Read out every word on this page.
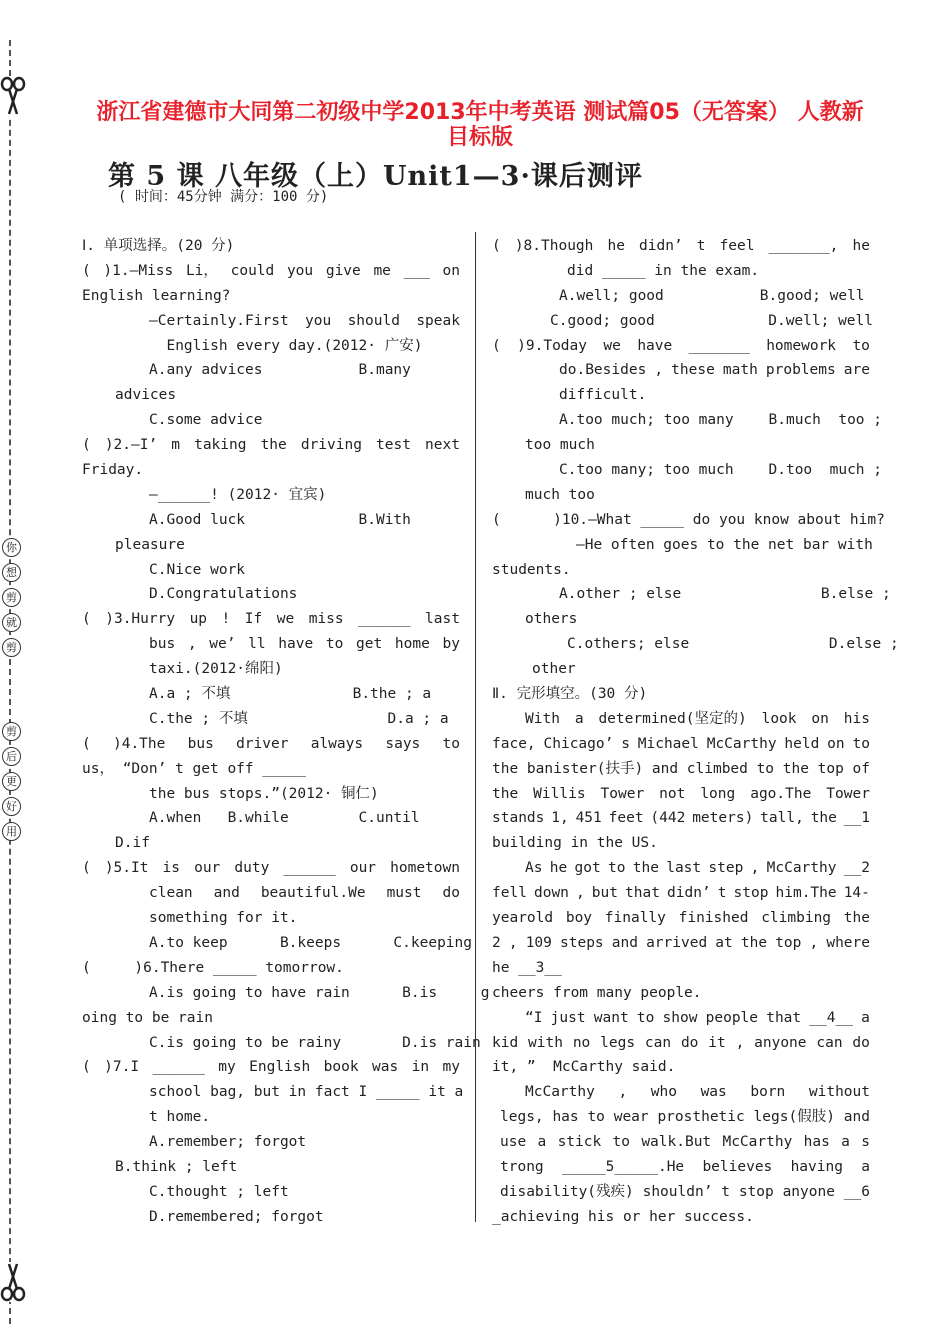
你
想
剪
就
剪
剪
后
更
好
用
浙江省建德市大同第二初级中学2013年中考英语 测试篇05（无答案） 人教新
目标版
第 5 课 八年级（上）Unit1—3·课后测评
( 时间：45分钟 满分：100 分)
Ⅰ. 单项选择。(20 分)
( )1.—Miss Li， could you give me ___ on
English learning?
—Certainly.First you should speak
English every day.(2012· 广安)
A.any advices           B.many
advices
C.some advice
( )2.—I’ m taking the driving test next
Friday.
—______! (2012· 宜宾)
A.Good luck             B.With
pleasure
C.Nice work
D.Congratulations
( )3.Hurry up ! If we miss ______ last
bus , we’ ll have to get home by
taxi.(2012·绵阳)
A.a ; 不填              B.the ; a
C.the ; 不填                D.a ; a
( )4.The bus driver always says to
us， “Don’ t get off _____
the bus stops.”(2012· 铜仁)
A.when   B.while        C.until
D.if
( )5.It is our duty ______ our hometown
clean and beautiful.We must do
something for it.
A.to keep      B.keeps      C.keeping
(     )6.There _____ tomorrow.
A.is going to have rain      B.is     g
oing to be rain
C.is going to be rainy       D.is rain
( )7.I ______ my English book was in my
school bag, but in fact I _____ it a
t home.
A.remember; forgot
B.think ; left
C.thought ; left
D.remembered; forgot
( )8.Though he didn’ t feel _______, he
did _____ in the exam.
A.well; good           B.good; well
C.good; good             D.well; well
( )9.Today we have _______ homework to
do.Besides , these math problems are
difficult.
A.too much; too many    B.much  too ;
too much
C.too many; too much    D.too  much ;
much too
(      )10.—What _____ do you know about him?
—He often goes to the net bar with
students.
A.other ; else                B.else ;
others
C.others; else                D.else ;
other
Ⅱ. 完形填空。(30 分)
With a determined(坚定的) look on his
face, Chicago’ s Michael McCarthy held on to
the banister(扶手) and climbed to the top of
the Willis Tower not long ago.The Tower
stands 1, 451 feet (442 meters) tall, the __1
building in the US.
As he got to the last step , McCarthy __2
fell down , but that didn’ t stop him.The 14-
yearold boy finally finished climbing the
2 , 109 steps and arrived at the top , where
he __3__
cheers from many people.
“I just want to show people that __4__ a
kid with no legs can do it , anyone can do
it, ”  McCarthy said.
McCarthy , who was born without
legs, has to wear prosthetic legs(假肢) and
use a stick to walk.But McCarthy has a s
trong _____5_____.He believes having a
disability(残疾) shouldn’ t stop anyone __6
_achieving his or her success.
